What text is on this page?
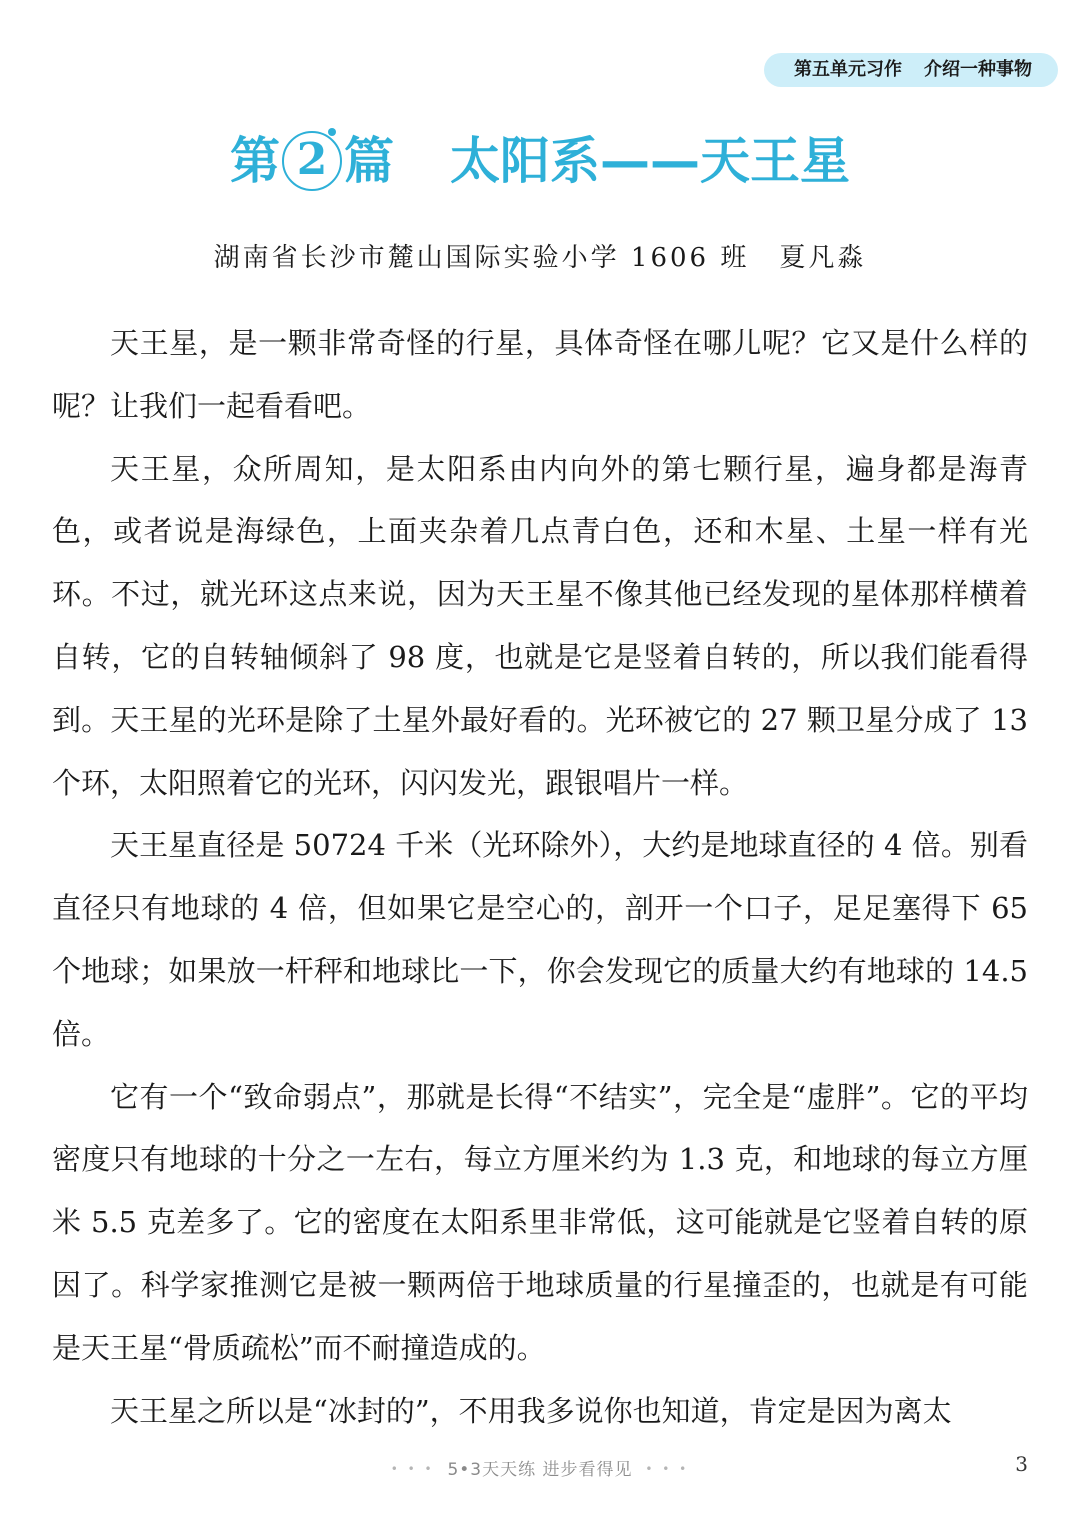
第五单元习作 介绍一种事物
第 2 篇 太阳系——天王星
湖南省长沙市麓山国际实验小学 1606 班 夏凡淼

天王星，是一颗非常奇怪的行星，具体奇怪在哪儿呢？它又是什么样的呢？让我们一起看看吧。

天王星，众所周知，是太阳系由内向外的第七颗行星，遍身都是海青色，或者说是海绿色，上面夹杂着几点青白色，还和木星、土星一样有光环。不过，就光环这点来说，因为天王星不像其他已经发现的星体那样横着自转，它的自转轴倾斜了 98 度，也就是它是竖着自转的，所以我们能看得到。天王星的光环是除了土星外最好看的。光环被它的 27 颗卫星分成了 13 个环，太阳照着它的光环，闪闪发光，跟银唱片一样。

天王星直径是 50724 千米（光环除外），大约是地球直径的 4 倍。别看直径只有地球的 4 倍，但如果它是空心的，剖开一个口子，足足塞得下 65 个地球；如果放一杆秤和地球比一下，你会发现它的质量大约有地球的 14.5 倍。

它有一个“致命弱点”，那就是长得“不结实”，完全是“虚胖”。它的平均密度只有地球的十分之一左右，每立方厘米约为 1.3 克，和地球的每立方厘米 5.5 克差多了。它的密度在太阳系里非常低，这可能就是它竖着自转的原因了。科学家推测它是被一颗两倍于地球质量的行星撞歪的，也就是有可能是天王星“骨质疏松”而不耐撞造成的。

天王星之所以是“冰封的”，不用我多说你也知道，肯定是因为离太

• • • 5•3天天练 进步看得见 • • •	3
